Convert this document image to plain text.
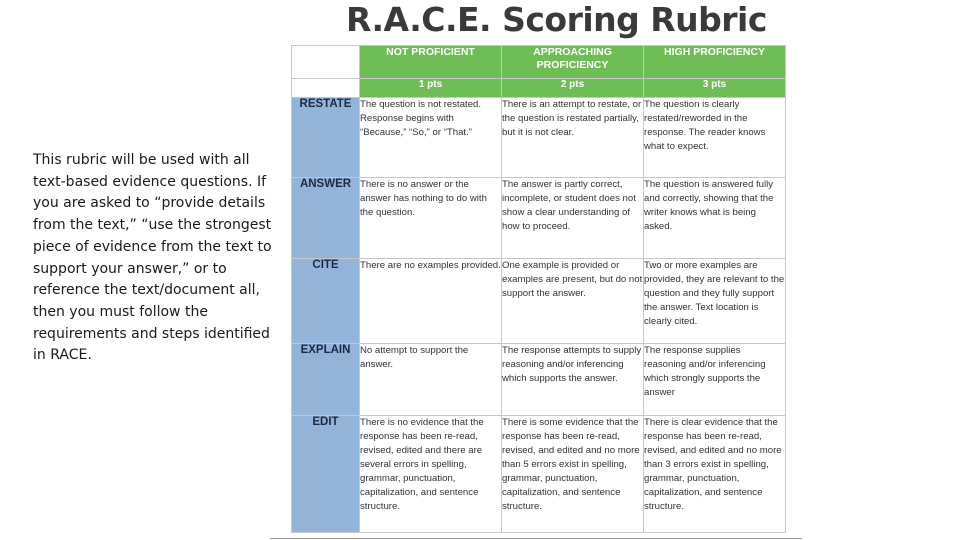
This rubric will be used with all text-based evidence questions. If you are asked to “provide details from the text,” “use the strongest piece of evidence from the text to support your answer,” or to reference the text/document all, then you must follow the requirements and steps identified in RACE.
R.A.C.E. Scoring Rubric
	NOT PROFICIENT	APPROACHING PROFICIENCY	HIGH PROFICIENCY
	1 pts	2 pts	3 pts
RESTATE	The question is not restated. Response begins with “Because,” “So,” or “That.”	There is an attempt to restate, or the question is restated partially, but it is not clear.	The question is clearly restated/reworded in the response. The reader knows what to expect.
ANSWER	There is no answer or the answer has nothing to do with the question.	The answer is partly correct, incomplete, or student does not show a clear understanding of how to proceed.	The question is answered fully and correctly, showing that the writer knows what is being asked.
CITE	There are no examples provided.	One example is provided or examples are present, but do not support the answer.	Two or more examples are provided, they are relevant to the question and they fully support the answer. Text location is clearly cited.
EXPLAIN	No attempt to support the answer.	The response attempts to supply reasoning and/or inferencing which supports the answer.	The response supplies reasoning and/or inferencing which strongly supports the answer
EDIT	There is no evidence that the response has been re-read, revised, edited and there are several errors in spelling, grammar, punctuation, capitalization, and sentence structure.	There is some evidence that the response has been re-read, revised, and edited and no more than 5 errors exist in spelling, grammar, punctuation, capitalization, and sentence structure.	There is clear evidence that the response has been re-read, revised, and edited and no more than 3 errors exist in spelling, grammar, punctuation, capitalization, and sentence structure.
